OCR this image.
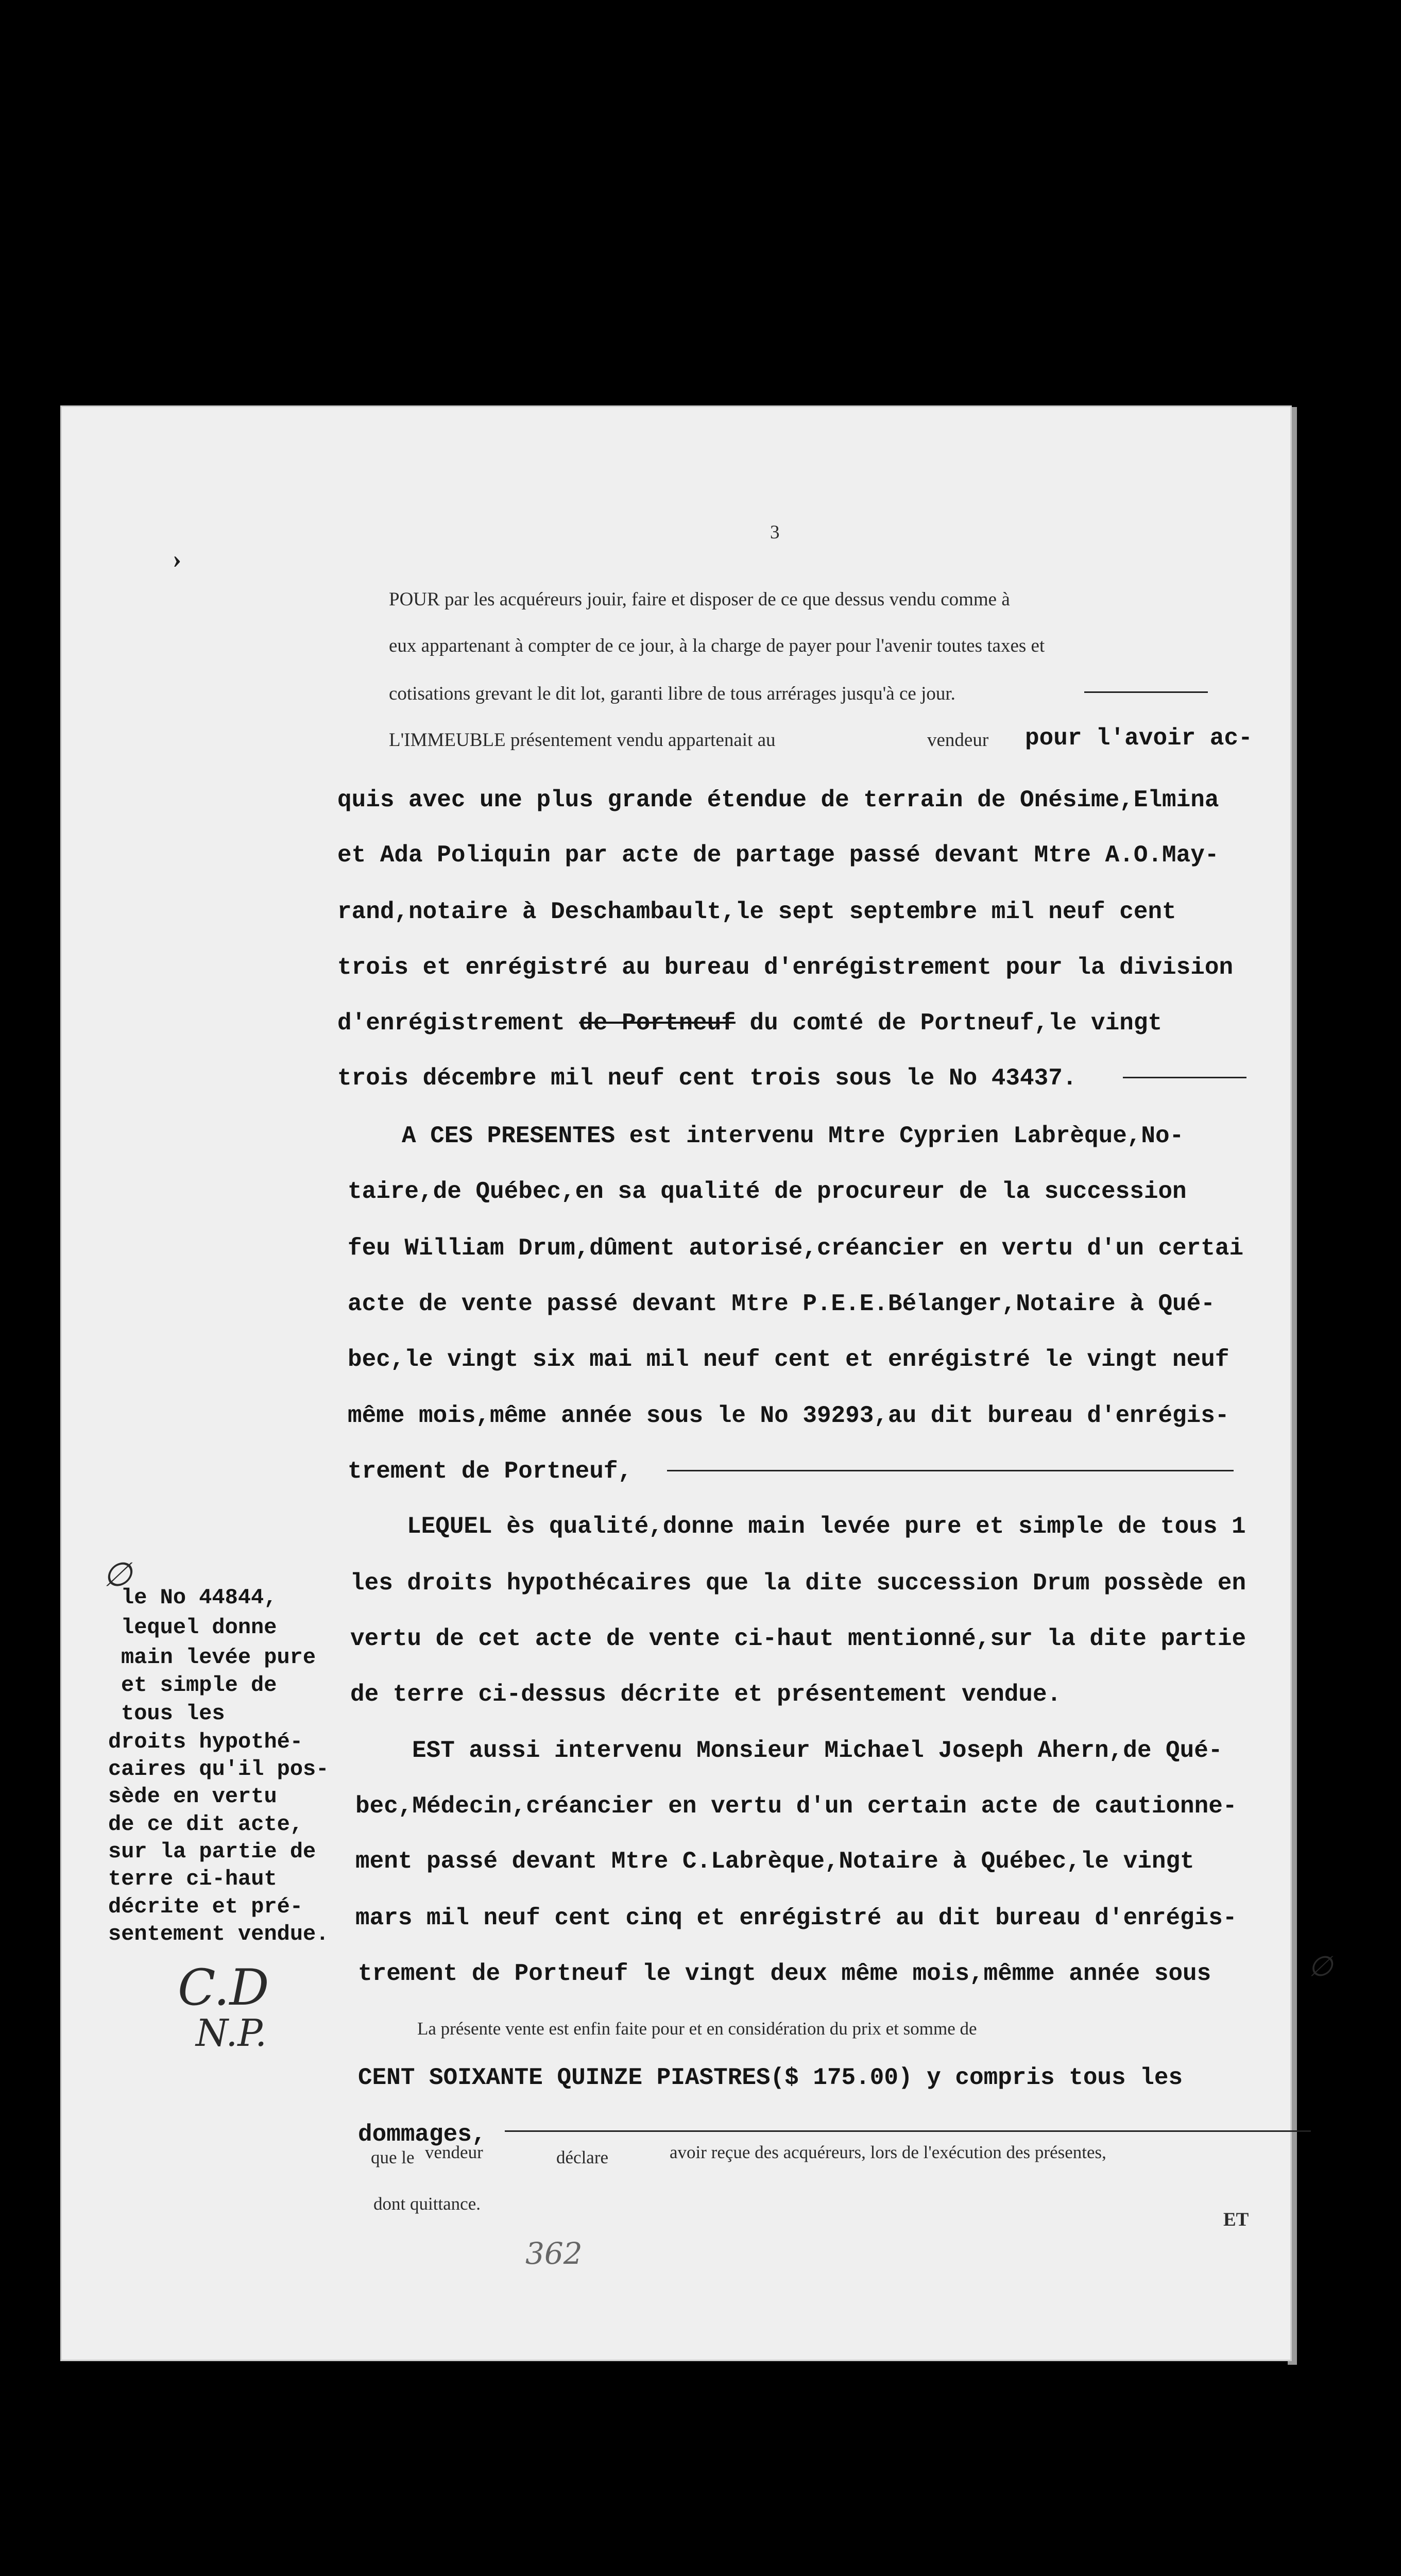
›
3
POUR par les acquéreurs jouir, faire et disposer de ce que dessus vendu comme à
eux appartenant à compter de ce jour, à la charge de payer pour l'avenir toutes taxes et
cotisations grevant le dit lot, garanti libre de tous arrérages jusqu'à ce jour.
L'IMMEUBLE présentement vendu appartenait au	vendeur pour l'avoir ac-
quis avec une plus grande étendue de terrain de Onésime,Elmina
et Ada Poliquin par acte de partage passé devant Mtre A.O.May-
rand,notaire à Deschambault,le sept septembre mil neuf cent
trois et enrégistré au bureau d'enrégistrement pour la division
d'enrégistrement de Portneuf du comté de Portneuf,le vingt
trois décembre mil neuf cent trois sous le No 43437.
A CES PRESENTES est intervenu Mtre Cyprien Labrèque,No-
taire,de Québec,en sa qualité de procureur de la succession
feu William Drum,dûment autorisé,créancier en vertu d'un certai
acte de vente passé devant Mtre P.E.E.Bélanger,Notaire à Qué-
bec,le vingt six mai mil neuf cent et enrégistré le vingt neuf
même mois,même année sous le No 39293,au dit bureau d'enrégis-
trement de Portneuf,
LEQUEL ès qualité,donne main levée pure et simple de tous 1
les droits hypothécaires que la dite succession Drum possède en
vertu de cet acte de vente ci-haut mentionné,sur la dite partie
de terre ci-dessus décrite et présentement vendue.
EST aussi intervenu Monsieur Michael Joseph Ahern,de Qué-
bec,Médecin,créancier en vertu d'un certain acte de cautionne-
ment passé devant Mtre C.Labrèque,Notaire à Québec,le vingt
mars mil neuf cent cinq et enrégistré au dit bureau d'enrégis-
trement de Portneuf le vingt deux même mois,mêmme année sous
∅
∅
le No 44844,
lequel donne
main levée pure
et simple de
tous les
droits hypothé-
caires qu'il pos-
sède en vertu
de ce dit acte,
sur la partie de
terre ci-haut
décrite et pré-
sentement vendue.
C.D
N.P.	La présente vente est enfin faite pour et en considération du prix et somme de
CENT SOIXANTE QUINZE PIASTRES($ 175.00) y compris tous les
dommages,
que le vendeur	déclare	avoir reçue des acquéreurs, lors de l'exécution des présentes,
dont quittance.
ET
362
